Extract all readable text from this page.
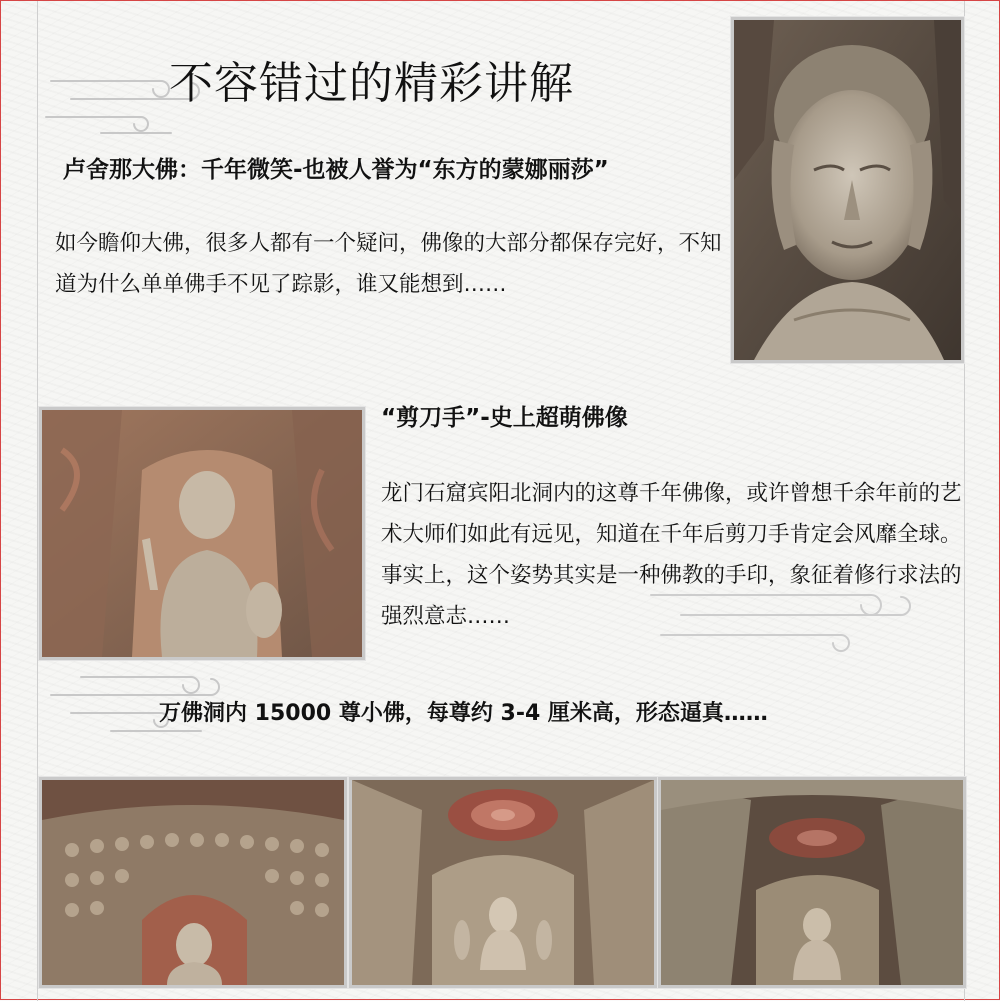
不容错过的精彩讲解
卢舍那大佛：千年微笑-也被人誉为“东方的蒙娜丽莎”
如今瞻仰大佛，很多人都有一个疑问，佛像的大部分都保存完好，不知道为什么单单佛手不见了踪影，谁又能想到……
“剪刀手”-史上超萌佛像
龙门石窟宾阳北洞内的这尊千年佛像，或许曾想千余年前的艺术大师们如此有远见，知道在千年后剪刀手肯定会风靡全球。事实上，这个姿势其实是一种佛教的手印，象征着修行求法的强烈意志……
万佛洞内 15000 尊小佛，每尊约 3-4 厘米高，形态逼真……
